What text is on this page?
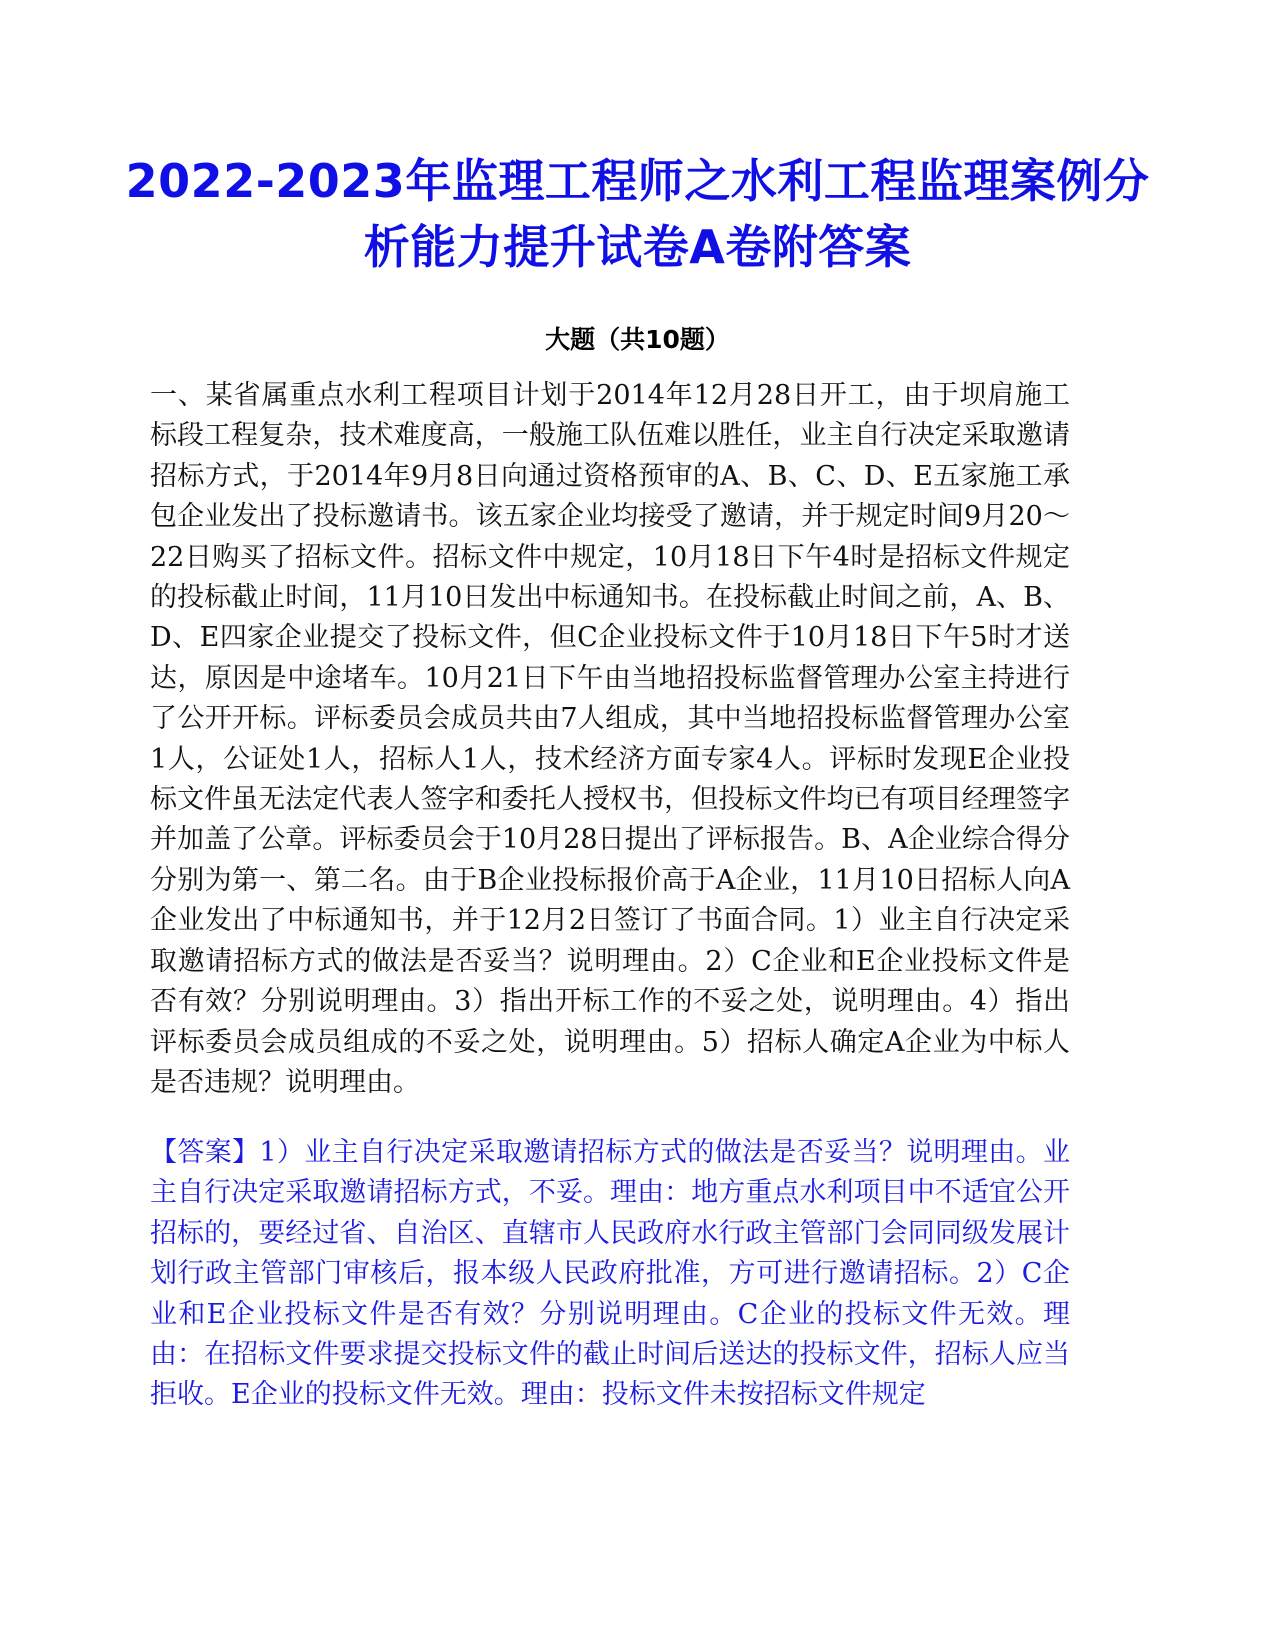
2022-2023年监理工程师之水利工程监理案例分析能力提升试卷A卷附答案
大题（共10题）

一、某省属重点水利工程项目计划于2014年12月28日开工，由于坝肩施工标段工程复杂，技术难度高，一般施工队伍难以胜任，业主自行决定采取邀请招标方式，于2014年9月8日向通过资格预审的A、B、C、D、E五家施工承包企业发出了投标邀请书。该五家企业均接受了邀请，并于规定时间9月20～22日购买了招标文件。招标文件中规定，10月18日下午4时是招标文件规定的投标截止时间，11月10日发出中标通知书。在投标截止时间之前，A、B、D、E四家企业提交了投标文件，但C企业投标文件于10月18日下午5时才送达，原因是中途堵车。10月21日下午由当地招投标监督管理办公室主持进行了公开开标。评标委员会成员共由7人组成，其中当地招投标监督管理办公室1人，公证处1人，招标人1人，技术经济方面专家4人。评标时发现E企业投标文件虽无法定代表人签字和委托人授权书，但投标文件均已有项目经理签字并加盖了公章。评标委员会于10月28日提出了评标报告。B、A企业综合得分分别为第一、第二名。由于B企业投标报价高于A企业，11月10日招标人向A企业发出了中标通知书，并于12月2日签订了书面合同。1）业主自行决定采取邀请招标方式的做法是否妥当？说明理由。2）C企业和E企业投标文件是否有效？分别说明理由。3）指出开标工作的不妥之处，说明理由。4）指出评标委员会成员组成的不妥之处，说明理由。5）招标人确定A企业为中标人是否违规？说明理由。

【答案】1）业主自行决定采取邀请招标方式的做法是否妥当？说明理由。业主自行决定采取邀请招标方式，不妥。理由：地方重点水利项目中不适宜公开招标的，要经过省、自治区、直辖市人民政府水行政主管部门会同同级发展计划行政主管部门审核后，报本级人民政府批准，方可进行邀请招标。2）C企业和E企业投标文件是否有效？分别说明理由。C企业的投标文件无效。理由：在招标文件要求提交投标文件的截止时间后送达的投标文件，招标人应当拒收。E企业的投标文件无效。理由：投标文件未按招标文件规定
